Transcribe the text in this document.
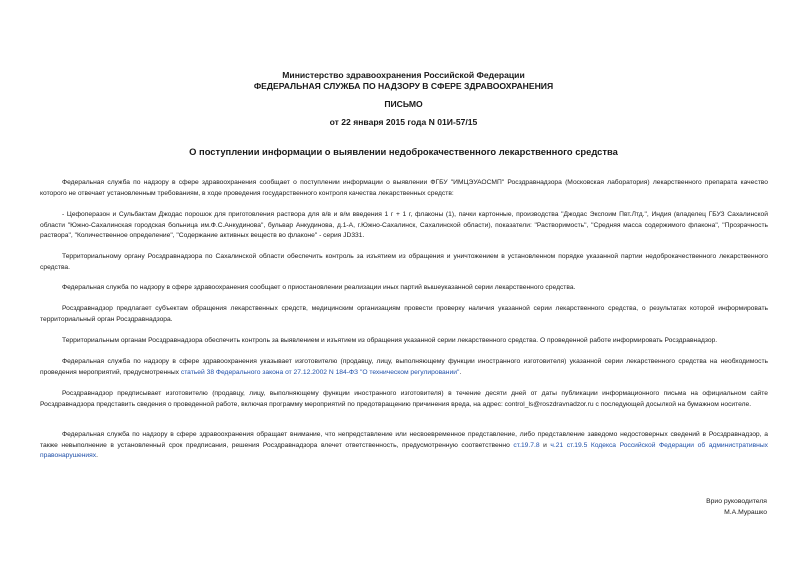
Министерство здравоохранения Российской Федерации
ФЕДЕРАЛЬНАЯ СЛУЖБА ПО НАДЗОРУ В СФЕРЕ ЗДРАВООХРАНЕНИЯ
ПИСЬМО
от 22 января 2015 года N 01И-57/15
О поступлении информации о выявлении недоброкачественного лекарственного средства
Федеральная служба по надзору в сфере здравоохранения сообщает о поступлении информации о выявлении ФГБУ "ИМЦЭУАОСМП" Росздравнадзора (Московская лаборатория) лекарственного препарата качество которого не отвечает установленным требованиям, в ходе проведения государственного контроля качества лекарственных средств:
- Цефоперазон и Сульбактам Джодас порошок для приготовления раствора для в/в и в/м введения 1 г + 1 г, флаконы (1), пачки картонные, производства "Джодас Экспоим Пвт.Лтд.", Индия (владелец ГБУЗ Сахалинской области "Южно-Сахалинская городская больница им.Ф.С.Анкудинова", бульвар Анкудинова, д.1-А, г.Южно-Сахалинск, Сахалинской области), показатели: "Растворимость", "Средняя масса содержимого флакона", "Прозрачность раствора", "Количественное определение", "Содержание активных веществ во флаконе" - серия JD331.
Территориальному органу Росздравнадзора по Сахалинской области обеспечить контроль за изъятием из обращения и уничтожением в установленном порядке указанной партии недоброкачественного лекарственного средства.
Федеральная служба по надзору в сфере здравоохранения сообщает о приостановлении реализации иных партий вышеуказанной серии лекарственного средства.
Росздравнадзор предлагает субъектам обращения лекарственных средств, медицинским организациям провести проверку наличия указанной серии лекарственного средства, о результатах которой информировать территориальный орган Росздравнадзора.
Территориальным органам Росздравнадзора обеспечить контроль за выявлением и изъятием из обращения указанной серии лекарственного средства. О проведенной работе информировать Росздравнадзор.
Федеральная служба по надзору в сфере здравоохранения указывает изготовителю (продавцу, лицу, выполняющему функции иностранного изготовителя) указанной серии лекарственного средства на необходимость проведения мероприятий, предусмотренных статьей 38 Федерального закона от 27.12.2002 N 184-ФЗ "О техническом регулировании".
Росздравнадзор предписывает изготовителю (продавцу, лицу, выполняющему функции иностранного изготовителя) в течение десяти дней от даты публикации информационного письма на официальном сайте Росздравнадзора представить сведения о проведенной работе, включая программу мероприятий по предотвращению причинения вреда, на адрес: control_ls@roszdravnadzor.ru с последующей досылкой на бумажном носителе.
Федеральная служба по надзору в сфере здравоохранения обращает внимание, что непредставление или несвоевременное представление, либо представление заведомо недостоверных сведений в Росздравнадзор, а также невыполнение в установленный срок предписания, решения Росздравнадзора влечет ответственность, предусмотренную соответственно ст.19.7.8 и ч.21 ст.19.5 Кодекса Российской Федерации об административных правонарушениях.
Врио руководителя
М.А.Мурашко
